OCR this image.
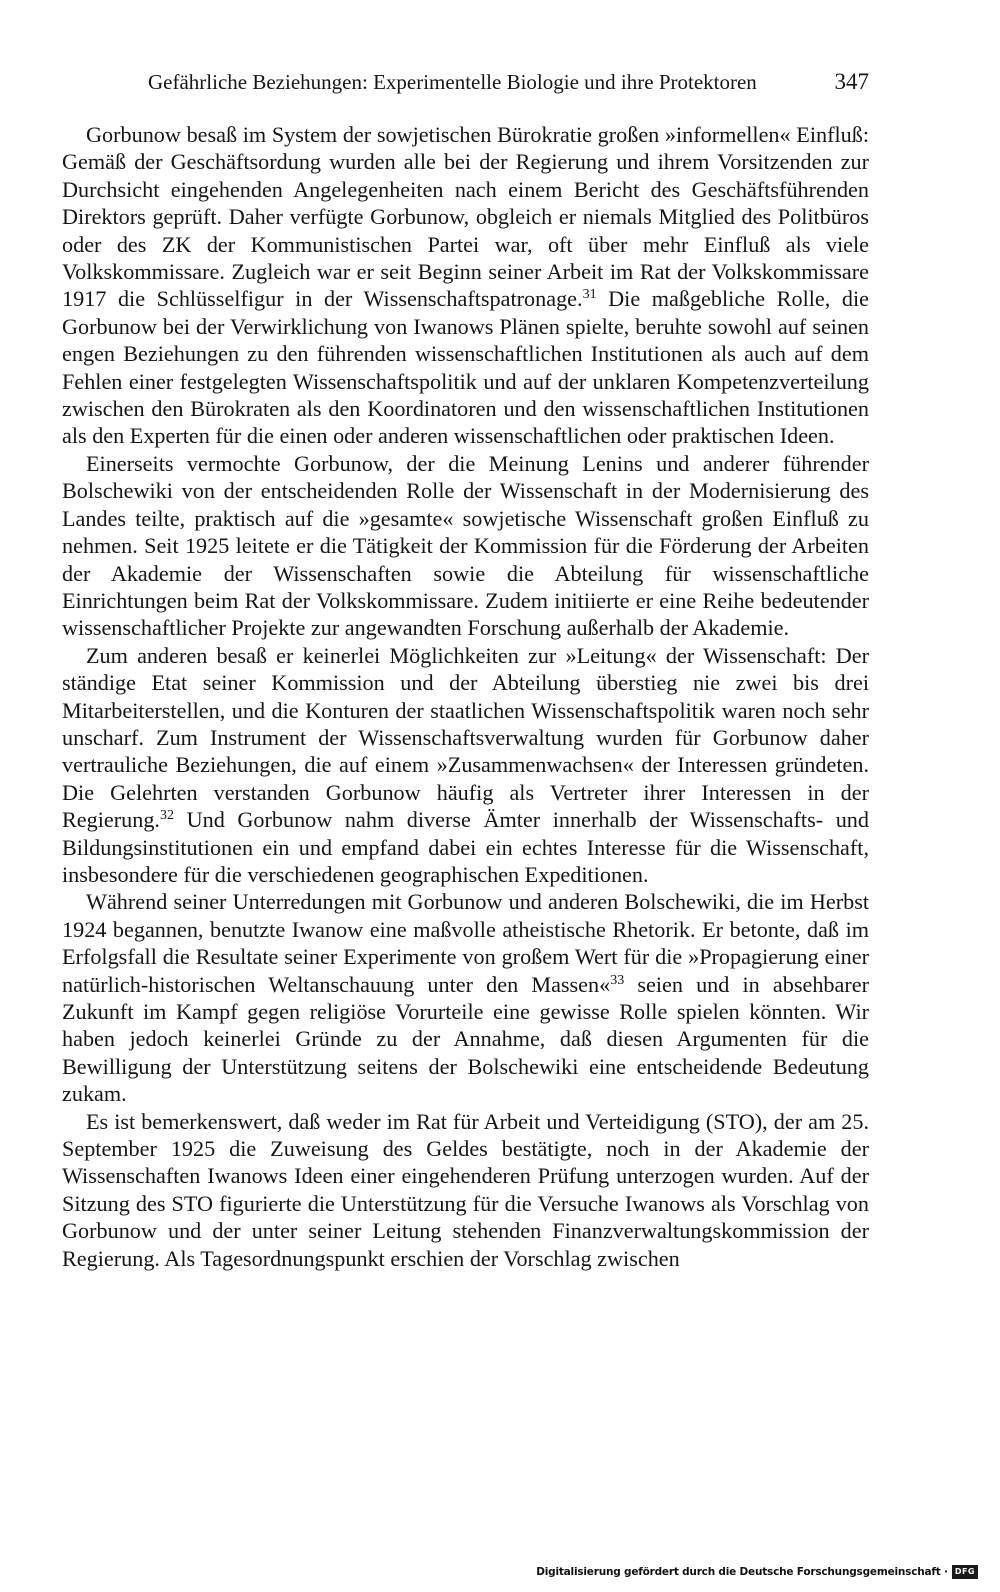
Gefährliche Beziehungen: Experimentelle Biologie und ihre Protektoren	347

Gorbunow besaß im System der sowjetischen Bürokratie großen »informellen« Einfluß: Gemäß der Geschäftsordung wurden alle bei der Regierung und ihrem Vorsitzenden zur Durchsicht eingehenden Angelegenheiten nach einem Bericht des Geschäftsführenden Direktors geprüft. Daher verfügte Gorbunow, obgleich er niemals Mitglied des Politbüros oder des ZK der Kommunistischen Partei war, oft über mehr Einfluß als viele Volkskommissare. Zugleich war er seit Beginn seiner Arbeit im Rat der Volkskommissare 1917 die Schlüsselfigur in der Wissenschaftspatronage.$^{31}$ Die maßgebliche Rolle, die Gorbunow bei der Verwirklichung von Iwanows Plänen spielte, beruhte sowohl auf seinen engen Beziehungen zu den führenden wissenschaftlichen Institutionen als auch auf dem Fehlen einer festgelegten Wissenschaftspolitik und auf der unklaren Kompetenzverteilung zwischen den Bürokraten als den Koordinatoren und den wissenschaftlichen Institutionen als den Experten für die einen oder anderen wissenschaftlichen oder praktischen Ideen.

Einerseits vermochte Gorbunow, der die Meinung Lenins und anderer führender Bolschewiki von der entscheidenden Rolle der Wissenschaft in der Modernisierung des Landes teilte, praktisch auf die »gesamte« sowjetische Wissenschaft großen Einfluß zu nehmen. Seit 1925 leitete er die Tätigkeit der Kommission für die Förderung der Arbeiten der Akademie der Wissenschaften sowie die Abteilung für wissenschaftliche Einrichtungen beim Rat der Volkskommissare. Zudem initiierte er eine Reihe bedeutender wissenschaftlicher Projekte zur angewandten Forschung außerhalb der Akademie.

Zum anderen besaß er keinerlei Möglichkeiten zur »Leitung« der Wissenschaft: Der ständige Etat seiner Kommission und der Abteilung überstieg nie zwei bis drei Mitarbeiterstellen, und die Konturen der staatlichen Wissenschaftspolitik waren noch sehr unscharf. Zum Instrument der Wissenschaftsverwaltung wurden für Gorbunow daher vertrauliche Beziehungen, die auf einem »Zusammenwachsen« der Interessen gründeten. Die Gelehrten verstanden Gorbunow häufig als Vertreter ihrer Interessen in der Regierung.$^{32}$ Und Gorbunow nahm diverse Ämter innerhalb der Wissenschafts- und Bildungsinstitutionen ein und empfand dabei ein echtes Interesse für die Wissenschaft, insbesondere für die verschiedenen geographischen Expeditionen.

Während seiner Unterredungen mit Gorbunow und anderen Bolschewiki, die im Herbst 1924 begannen, benutzte Iwanow eine maßvolle atheistische Rhetorik. Er betonte, daß im Erfolgsfall die Resultate seiner Experimente von großem Wert für die »Propagierung einer natürlich-historischen Weltanschauung unter den Massen«$^{33}$ seien und in absehbarer Zukunft im Kampf gegen religiöse Vorurteile eine gewisse Rolle spielen könnten. Wir haben jedoch keinerlei Gründe zu der Annahme, daß diesen Argumenten für die Bewilligung der Unterstützung seitens der Bolschewiki eine entscheidende Bedeutung zukam.

Es ist bemerkenswert, daß weder im Rat für Arbeit und Verteidigung (STO), der am 25. September 1925 die Zuweisung des Geldes bestätigte, noch in der Akademie der Wissenschaften Iwanows Ideen einer eingehenderen Prüfung unterzogen wurden. Auf der Sitzung des STO figurierte die Unterstützung für die Versuche Iwanows als Vorschlag von Gorbunow und der unter seiner Leitung stehenden Finanzverwaltungskommission der Regierung. Als Tagesordnungspunkt erschien der Vorschlag zwischen

Digitalisierung gefördert durch die Deutsche Forschungsgemeinschaft · DFG
